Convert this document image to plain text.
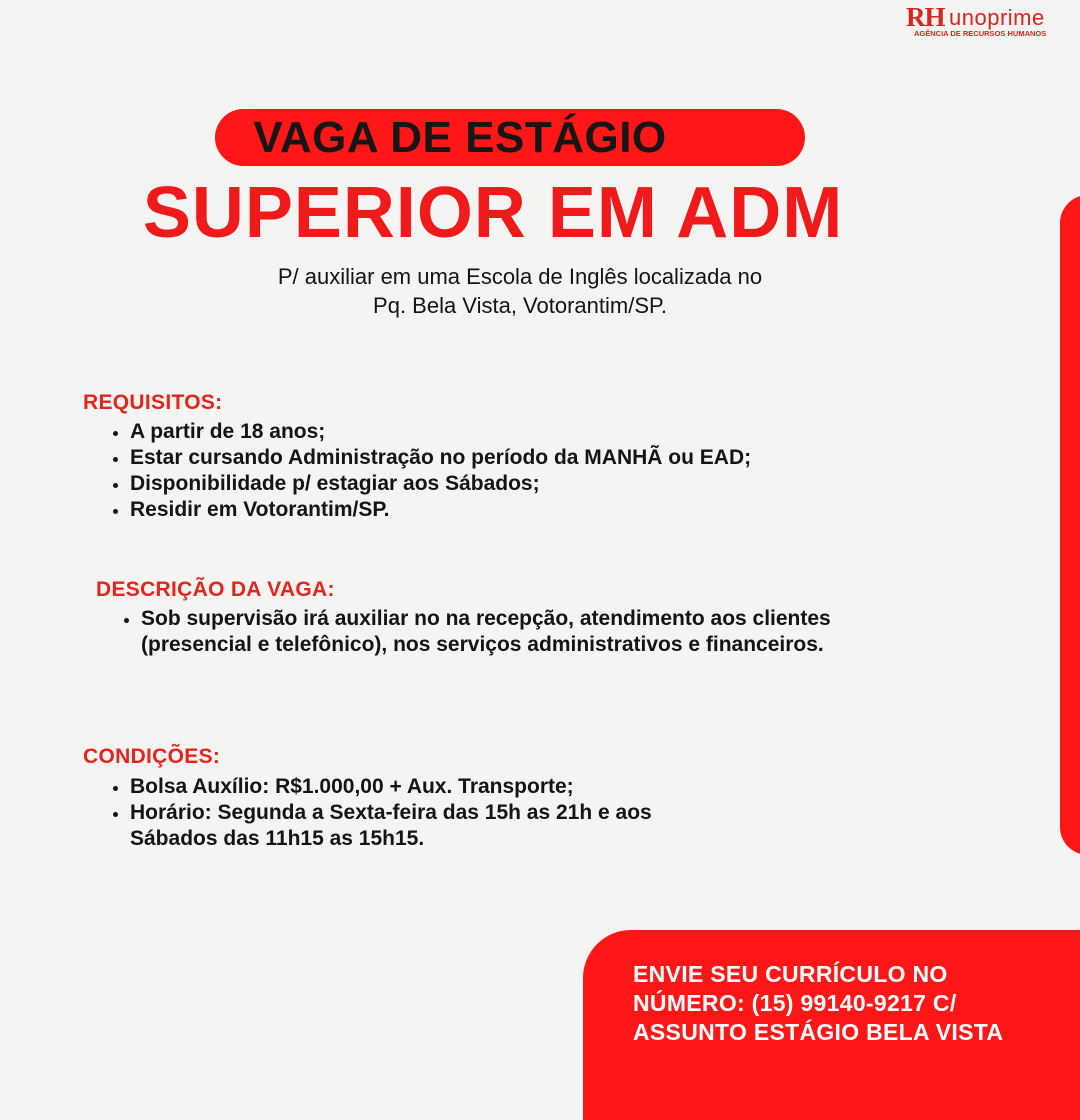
RH unoprime
AGÊNCIA DE RECURSOS HUMANOS
VAGA DE ESTÁGIO
SUPERIOR EM ADM
P/ auxiliar em uma Escola de Inglês localizada no
Pq. Bela Vista, Votorantim/SP.
REQUISITOS:
• A partir de 18 anos;
• Estar cursando Administração no período da MANHÃ ou EAD;
• Disponibilidade p/ estagiar aos Sábados;
• Residir em Votorantim/SP.
DESCRIÇÃO DA VAGA:
• Sob supervisão irá auxiliar no na recepção, atendimento aos clientes
(presencial e telefônico), nos serviços administrativos e financeiros.
CONDIÇÕES:
• Bolsa Auxílio: R$1.000,00 + Aux. Transporte;
• Horário: Segunda a Sexta-feira das 15h as 21h e aos
Sábados das 11h15 as 15h15.
ENVIE SEU CURRÍCULO NO
NÚMERO: (15) 99140-9217 C/
ASSUNTO ESTÁGIO BELA VISTA
